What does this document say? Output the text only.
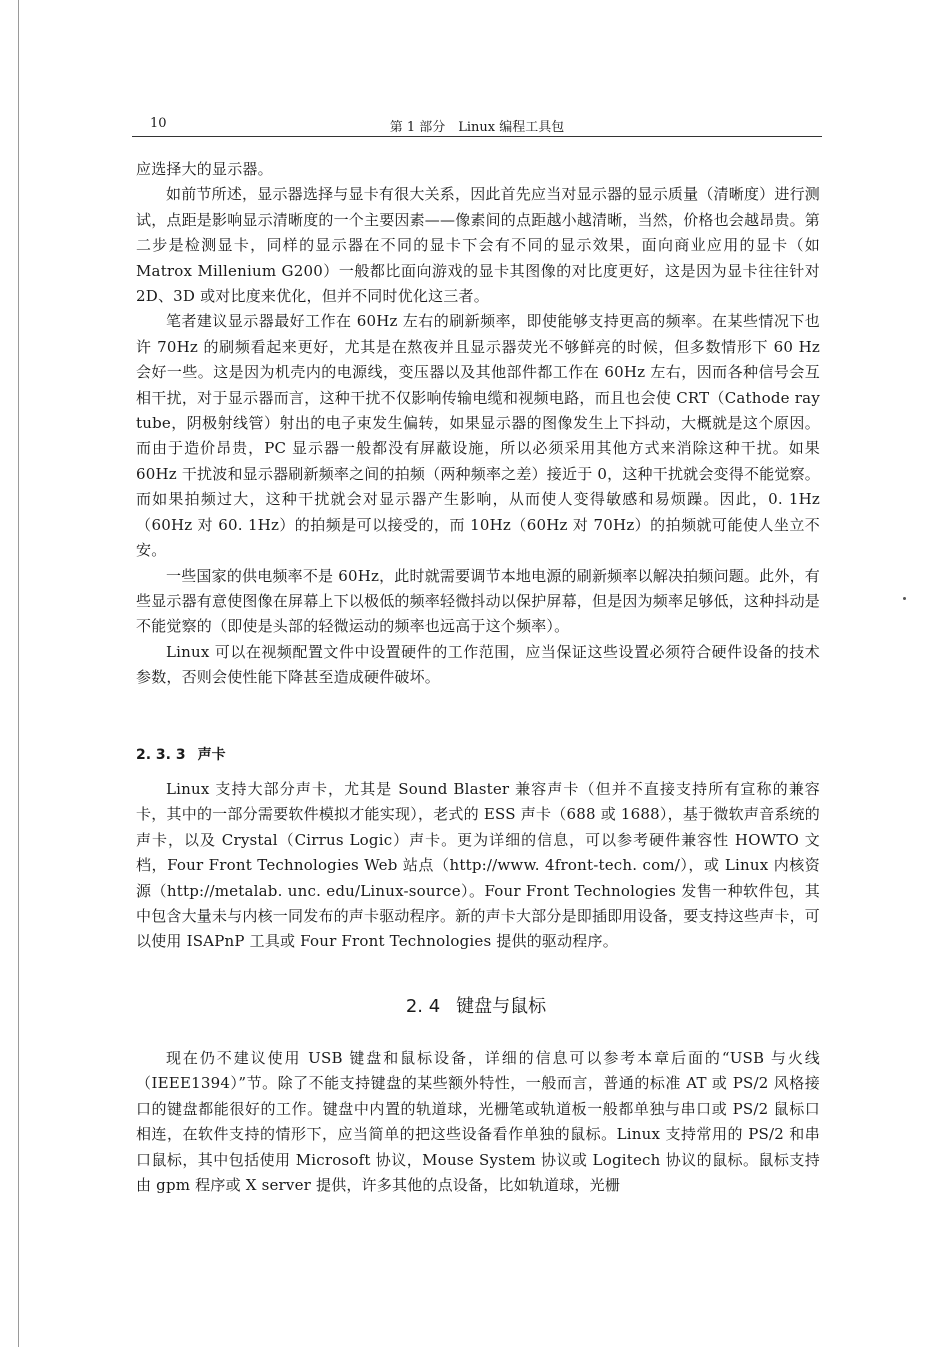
10	第 1 部分　Linux 编程工具包

应选择大的显示器。

如前节所述，显示器选择与显卡有很大关系，因此首先应当对显示器的显示质量（清晰度）进行测试，点距是影响显示清晰度的一个主要因素——像素间的点距越小越清晰，当然，价格也会越昂贵。第二步是检测显卡，同样的显示器在不同的显卡下会有不同的显示效果，面向商业应用的显卡（如 Matrox Millenium G200）一般都比面向游戏的显卡其图像的对比度更好，这是因为显卡往往针对 2D、3D 或对比度来优化，但并不同时优化这三者。

笔者建议显示器最好工作在 60Hz 左右的刷新频率，即使能够支持更高的频率。在某些情况下也许 70Hz 的刷频看起来更好，尤其是在熬夜并且显示器荧光不够鲜亮的时候，但多数情形下 60 Hz 会好一些。这是因为机壳内的电源线，变压器以及其他部件都工作在 60Hz 左右，因而各种信号会互相干扰，对于显示器而言，这种干扰不仅影响传输电缆和视频电路，而且也会使 CRT（Cathode ray tube，阴极射线管）射出的电子束发生偏转，如果显示器的图像发生上下抖动，大概就是这个原因。而由于造价昂贵，PC 显示器一般都没有屏蔽设施，所以必须采用其他方式来消除这种干扰。如果 60Hz 干扰波和显示器刷新频率之间的拍频（两种频率之差）接近于 0，这种干扰就会变得不能觉察。而如果拍频过大，这种干扰就会对显示器产生影响，从而使人变得敏感和易烦躁。因此，0. 1Hz（60Hz 对 60. 1Hz）的拍频是可以接受的，而 10Hz（60Hz 对 70Hz）的拍频就可能使人坐立不安。

一些国家的供电频率不是 60Hz，此时就需要调节本地电源的刷新频率以解决拍频问题。此外，有些显示器有意使图像在屏幕上下以极低的频率轻微抖动以保护屏幕，但是因为频率足够低，这种抖动是不能觉察的（即使是头部的轻微运动的频率也远高于这个频率）。

Linux 可以在视频配置文件中设置硬件的工作范围，应当保证这些设置必须符合硬件设备的技术参数，否则会使性能下降甚至造成硬件破坏。

2. 3. 3 声卡

Linux 支持大部分声卡，尤其是 Sound Blaster 兼容声卡（但并不直接支持所有宣称的兼容卡，其中的一部分需要软件模拟才能实现），老式的 ESS 声卡（688 或 1688），基于微软声音系统的声卡，以及 Crystal（Cirrus Logic）声卡。更为详细的信息，可以参考硬件兼容性 HOWTO 文档，Four Front Technologies Web 站点（http://www. 4front-tech. com/），或 Linux 内核资源（http://metalab. unc. edu/Linux-source）。Four Front Technologies 发售一种软件包，其中包含大量未与内核一同发布的声卡驱动程序。新的声卡大部分是即插即用设备，要支持这些声卡，可以使用 ISAPnP 工具或 Four Front Technologies 提供的驱动程序。

2. 4 键盘与鼠标

现在仍不建议使用 USB 键盘和鼠标设备，详细的信息可以参考本章后面的“USB 与火线（IEEE1394）”节。除了不能支持键盘的某些额外特性，一般而言，普通的标准 AT 或 PS/2 风格接口的键盘都能很好的工作。键盘中内置的轨道球，光栅笔或轨道板一般都单独与串口或 PS/2 鼠标口相连，在软件支持的情形下，应当简单的把这些设备看作单独的鼠标。Linux 支持常用的 PS/2 和串口鼠标，其中包括使用 Microsoft 协议，Mouse System 协议或 Logitech 协议的鼠标。鼠标支持由 gpm 程序或 X server 提供，许多其他的点设备，比如轨道球，光栅
